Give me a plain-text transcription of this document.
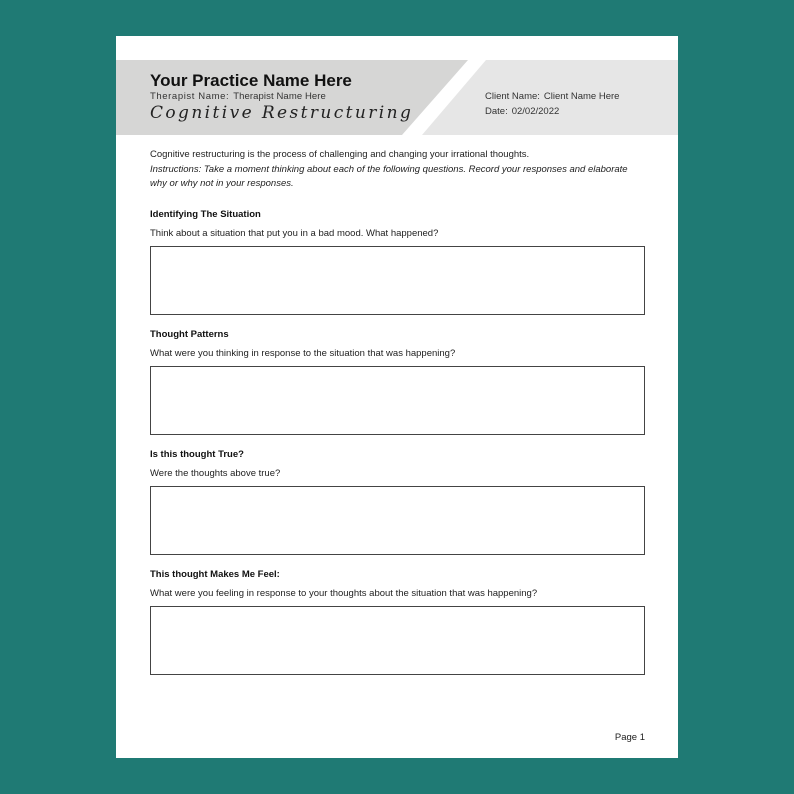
Your Practice Name Here
Therapist Name: Therapist Name Here
Cognitive Restructuring
Client Name: Client Name Here
Date: 02/02/2022

Cognitive restructuring is the process of challenging and changing your irrational thoughts.

Instructions: Take a moment thinking about each of the following questions. Record your responses and elaborate why or why not in your responses.

Identifying The Situation

Think about a situation that put you in a bad mood. What happened?

Thought Patterns

What were you thinking in response to the situation that was happening?

Is this thought True?

Were the thoughts above true?

This thought Makes Me Feel:

What were you feeling in response to your thoughts about the situation that was happening?

Page 1
